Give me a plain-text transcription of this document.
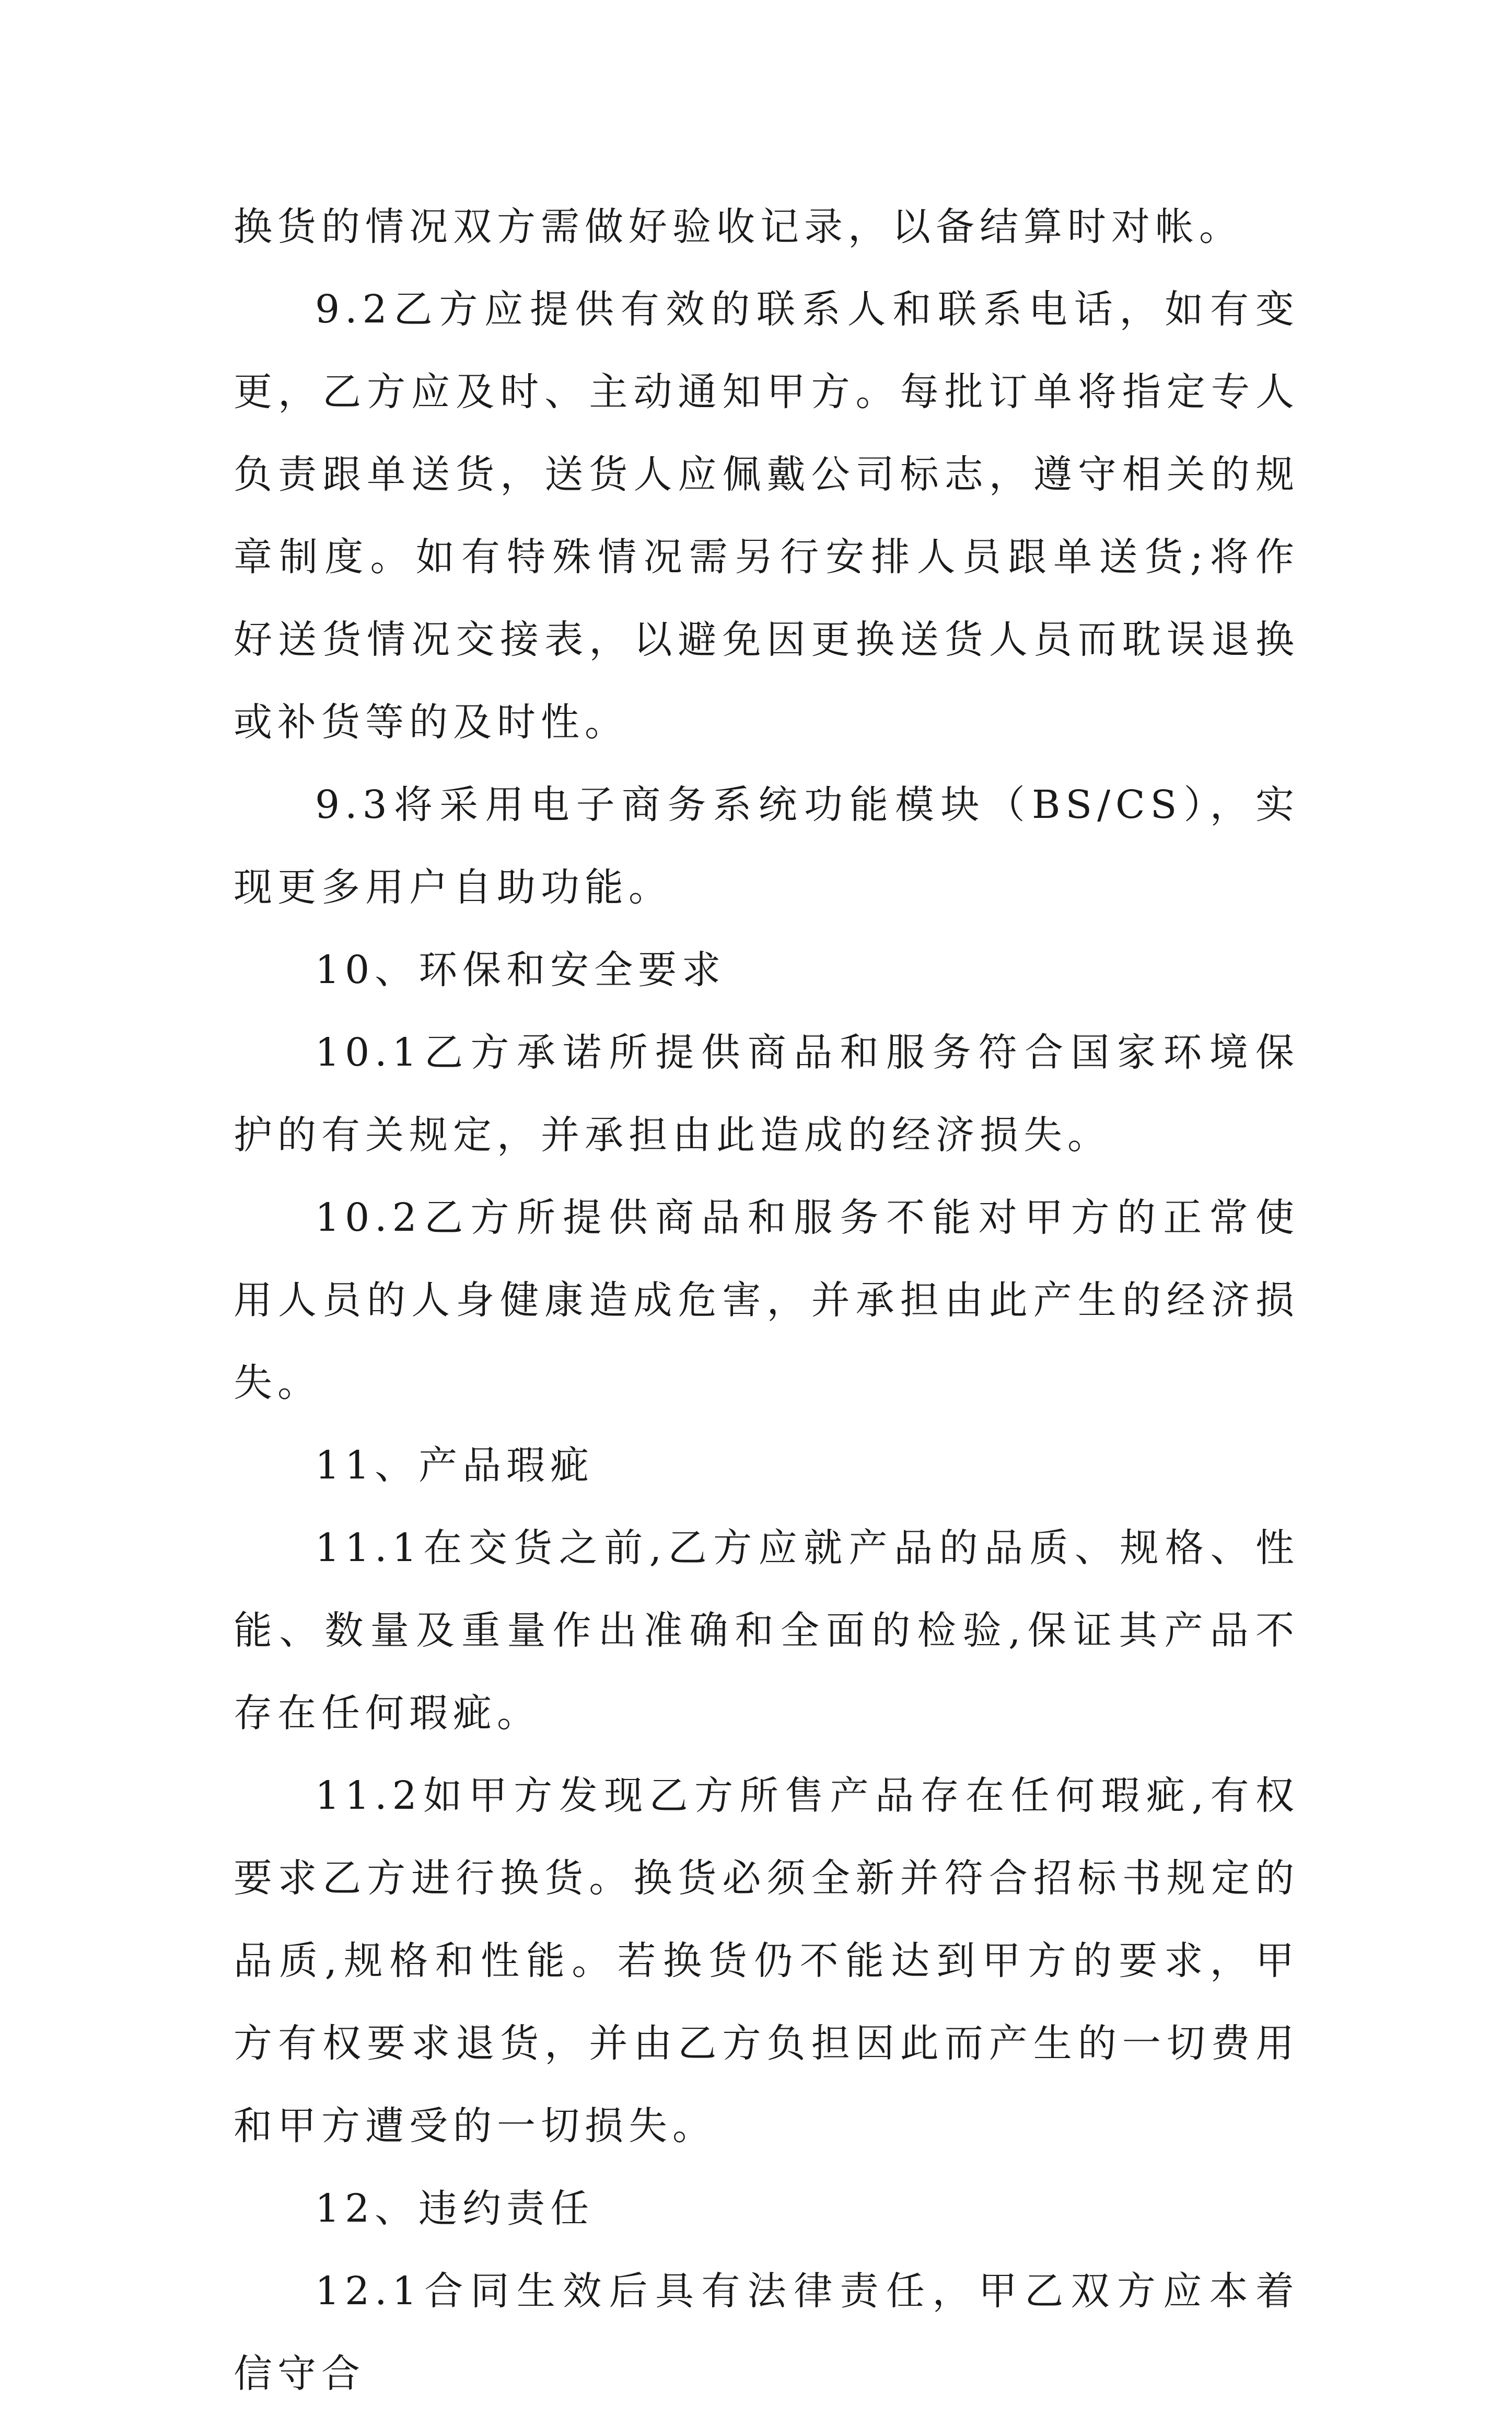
换货的情况双方需做好验收记录，以备结算时对帐。

9.2乙方应提供有效的联系人和联系电话，如有变更，乙方应及时、主动通知甲方。每批订单将指定专人负责跟单送货，送货人应佩戴公司标志，遵守相关的规章制度。如有特殊情况需另行安排人员跟单送货;将作好送货情况交接表，以避免因更换送货人员而耽误退换或补货等的及时性。

9.3将采用电子商务系统功能模块（BS/CS），实现更多用户自助功能。

10、环保和安全要求

10.1乙方承诺所提供商品和服务符合国家环境保护的有关规定，并承担由此造成的经济损失。

10.2乙方所提供商品和服务不能对甲方的正常使用人员的人身健康造成危害，并承担由此产生的经济损失。

11、产品瑕疵

11.1在交货之前,乙方应就产品的品质、规格、性能、数量及重量作出准确和全面的检验,保证其产品不存在任何瑕疵。

11.2如甲方发现乙方所售产品存在任何瑕疵,有权要求乙方进行换货。换货必须全新并符合招标书规定的品质,规格和性能。若换货仍不能达到甲方的要求，甲方有权要求退货，并由乙方负担因此而产生的一切费用和甲方遭受的一切损失。

12、违约责任

12.1合同生效后具有法律责任，甲乙双方应本着信守合
